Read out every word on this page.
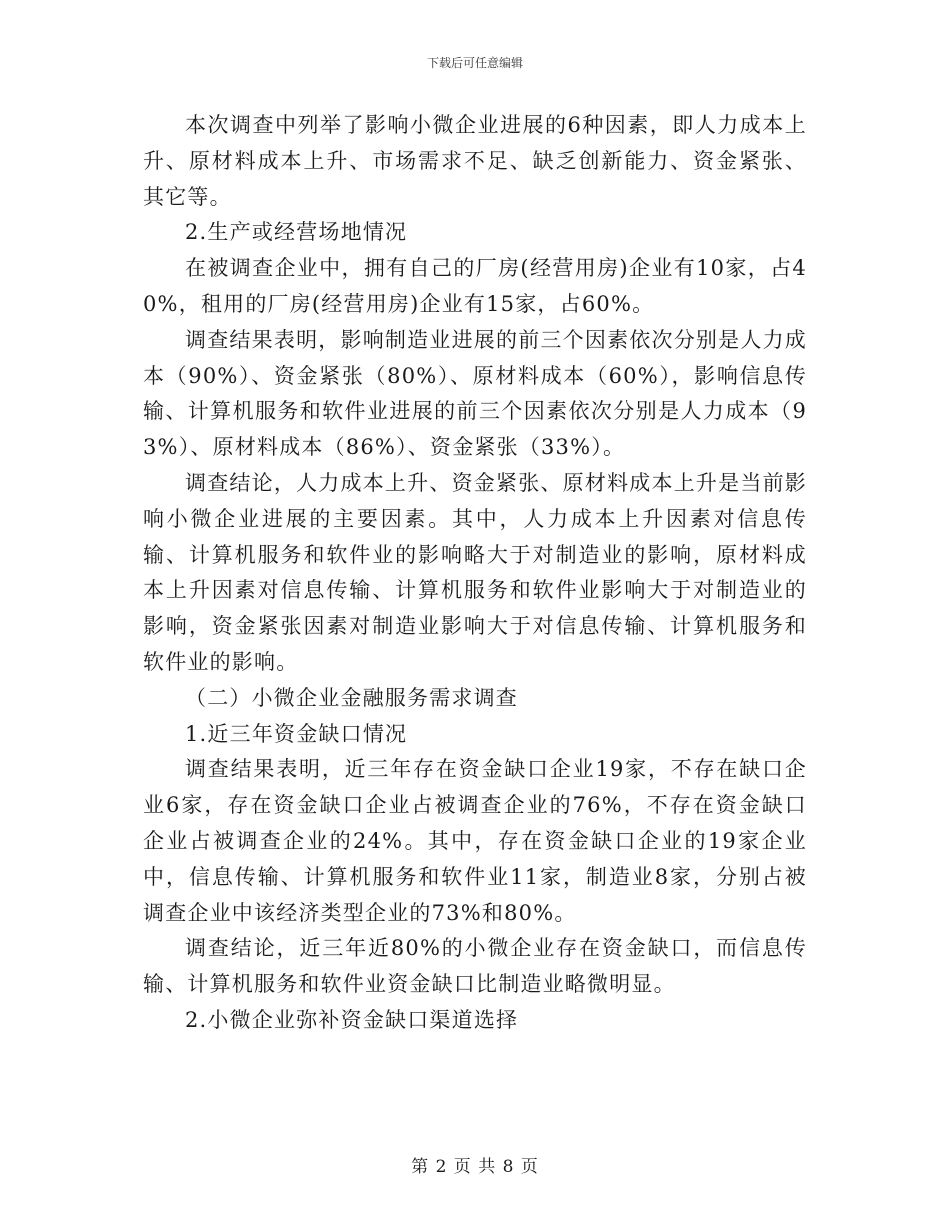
下载后可任意编辑

本次调查中列举了影响小微企业进展的6种因素，即人力成本上升、原材料成本上升、市场需求不足、缺乏创新能力、资金紧张、其它等。

2.生产或经营场地情况

在被调查企业中，拥有自己的厂房(经营用房)企业有10家，占40%，租用的厂房(经营用房)企业有15家，占60%。

调查结果表明，影响制造业进展的前三个因素依次分别是人力成本（90%）、资金紧张（80%）、原材料成本（60%），影响信息传输、计算机服务和软件业进展的前三个因素依次分别是人力成本（93%）、原材料成本（86%）、资金紧张（33%）。

调查结论，人力成本上升、资金紧张、原材料成本上升是当前影响小微企业进展的主要因素。其中，人力成本上升因素对信息传输、计算机服务和软件业的影响略大于对制造业的影响，原材料成本上升因素对信息传输、计算机服务和软件业影响大于对制造业的影响，资金紧张因素对制造业影响大于对信息传输、计算机服务和软件业的影响。

（二）小微企业金融服务需求调查

1.近三年资金缺口情况

调查结果表明，近三年存在资金缺口企业19家，不存在缺口企业6家，存在资金缺口企业占被调查企业的76%，不存在资金缺口企业占被调查企业的24%。其中，存在资金缺口企业的19家企业中，信息传输、计算机服务和软件业11家，制造业8家，分别占被调查企业中该经济类型企业的73%和80%。

调查结论，近三年近80%的小微企业存在资金缺口，而信息传输、计算机服务和软件业资金缺口比制造业略微明显。

2.小微企业弥补资金缺口渠道选择

第 2 页 共 8 页
